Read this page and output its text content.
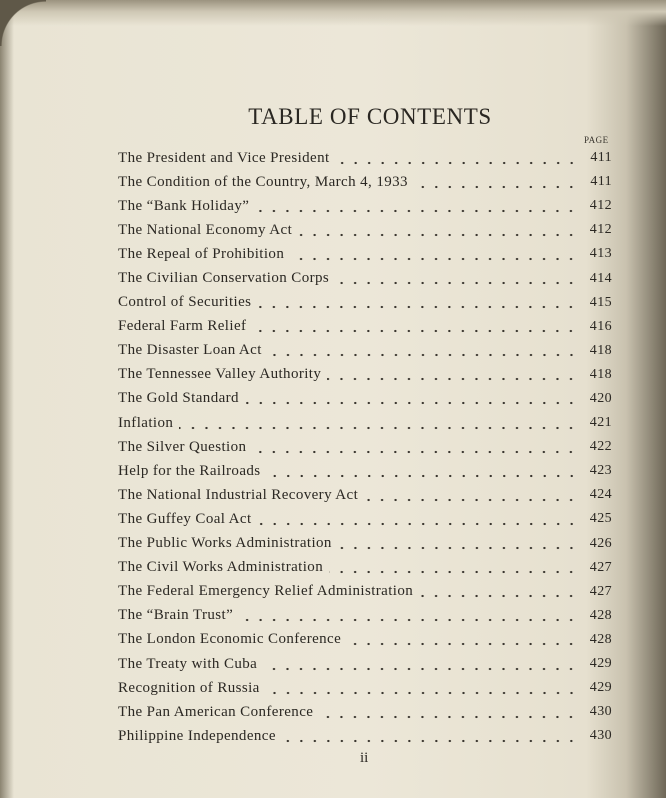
TABLE OF CONTENTS
PAGE
The President and Vice President	411
The Condition of the Country, March 4, 1933	411
The “Bank Holiday”	412
The National Economy Act	412
The Repeal of Prohibition	413
The Civilian Conservation Corps	414
Control of Securities	415
Federal Farm Relief	416
The Disaster Loan Act	418
The Tennessee Valley Authority	418
The Gold Standard	420
Inflation	421
The Silver Question	422
Help for the Railroads	423
The National Industrial Recovery Act	424
The Guffey Coal Act	425
The Public Works Administration	426
The Civil Works Administration	427
The Federal Emergency Relief Administration	427
The “Brain Trust”	428
The London Economic Conference	428
The Treaty with Cuba	429
Recognition of Russia	429
The Pan American Conference	430
Philippine Independence	430
ii
